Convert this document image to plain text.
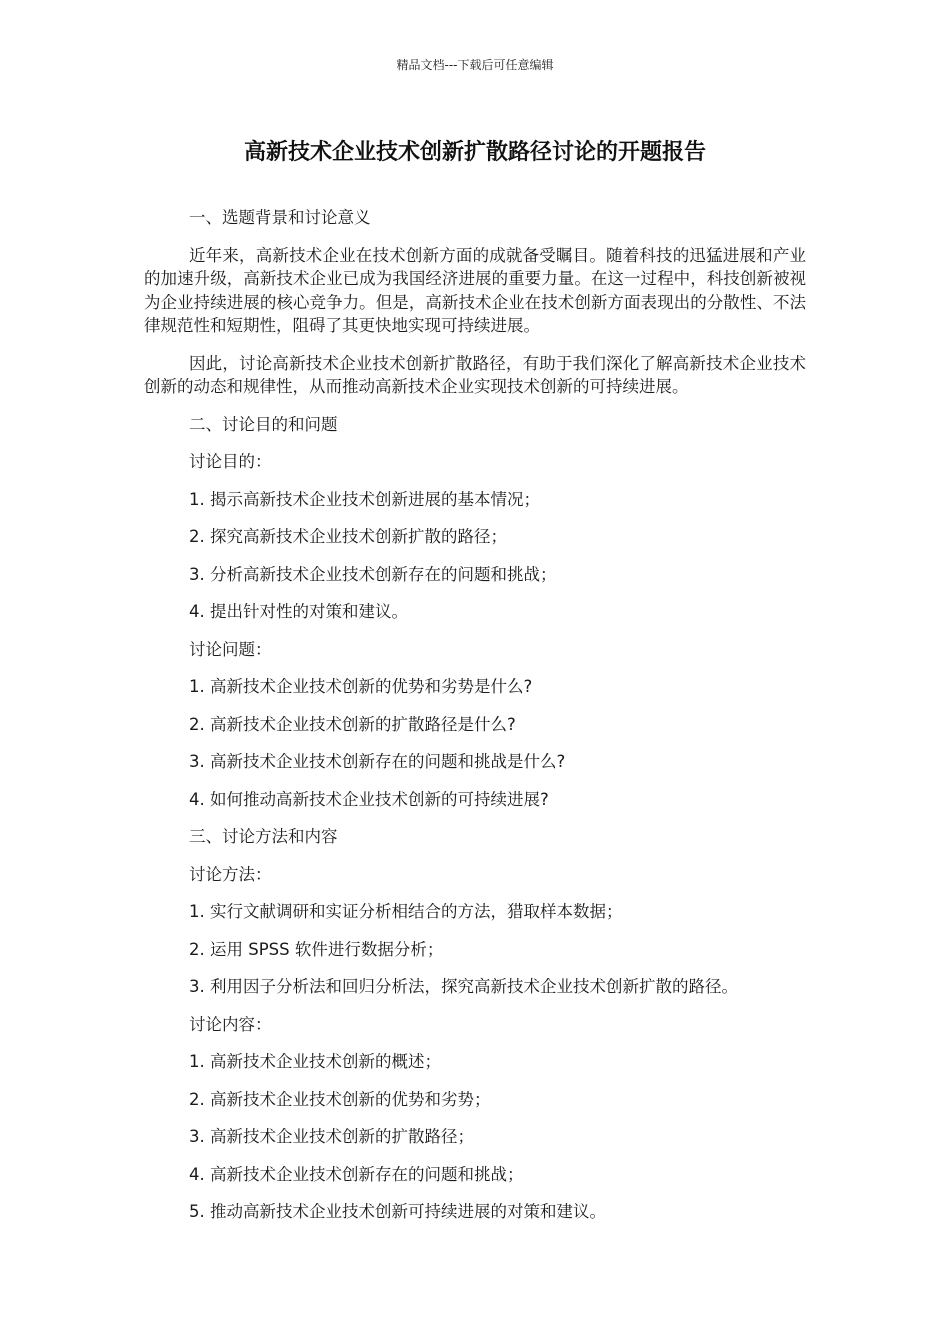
精品文档---下载后可任意编辑
高新技术企业技术创新扩散路径讨论的开题报告
一、选题背景和讨论意义

近年来，高新技术企业在技术创新方面的成就备受瞩目。随着科技的迅猛进展和产业的加速升级，高新技术企业已成为我国经济进展的重要力量。在这一过程中，科技创新被视为企业持续进展的核心竞争力。但是，高新技术企业在技术创新方面表现出的分散性、不法律规范性和短期性，阻碍了其更快地实现可持续进展。

因此，讨论高新技术企业技术创新扩散路径，有助于我们深化了解高新技术企业技术创新的动态和规律性，从而推动高新技术企业实现技术创新的可持续进展。

二、讨论目的和问题
讨论目的：
1. 揭示高新技术企业技术创新进展的基本情况；
2. 探究高新技术企业技术创新扩散的路径；
3. 分析高新技术企业技术创新存在的问题和挑战；
4. 提出针对性的对策和建议。
讨论问题：
1. 高新技术企业技术创新的优势和劣势是什么?
2. 高新技术企业技术创新的扩散路径是什么?
3. 高新技术企业技术创新存在的问题和挑战是什么?
4. 如何推动高新技术企业技术创新的可持续进展?
三、讨论方法和内容
讨论方法：
1. 实行文献调研和实证分析相结合的方法，猎取样本数据；
2. 运用 SPSS 软件进行数据分析；
3. 利用因子分析法和回归分析法，探究高新技术企业技术创新扩散的路径。
讨论内容：
1. 高新技术企业技术创新的概述；
2. 高新技术企业技术创新的优势和劣势；
3. 高新技术企业技术创新的扩散路径；
4. 高新技术企业技术创新存在的问题和挑战；
5. 推动高新技术企业技术创新可持续进展的对策和建议。
